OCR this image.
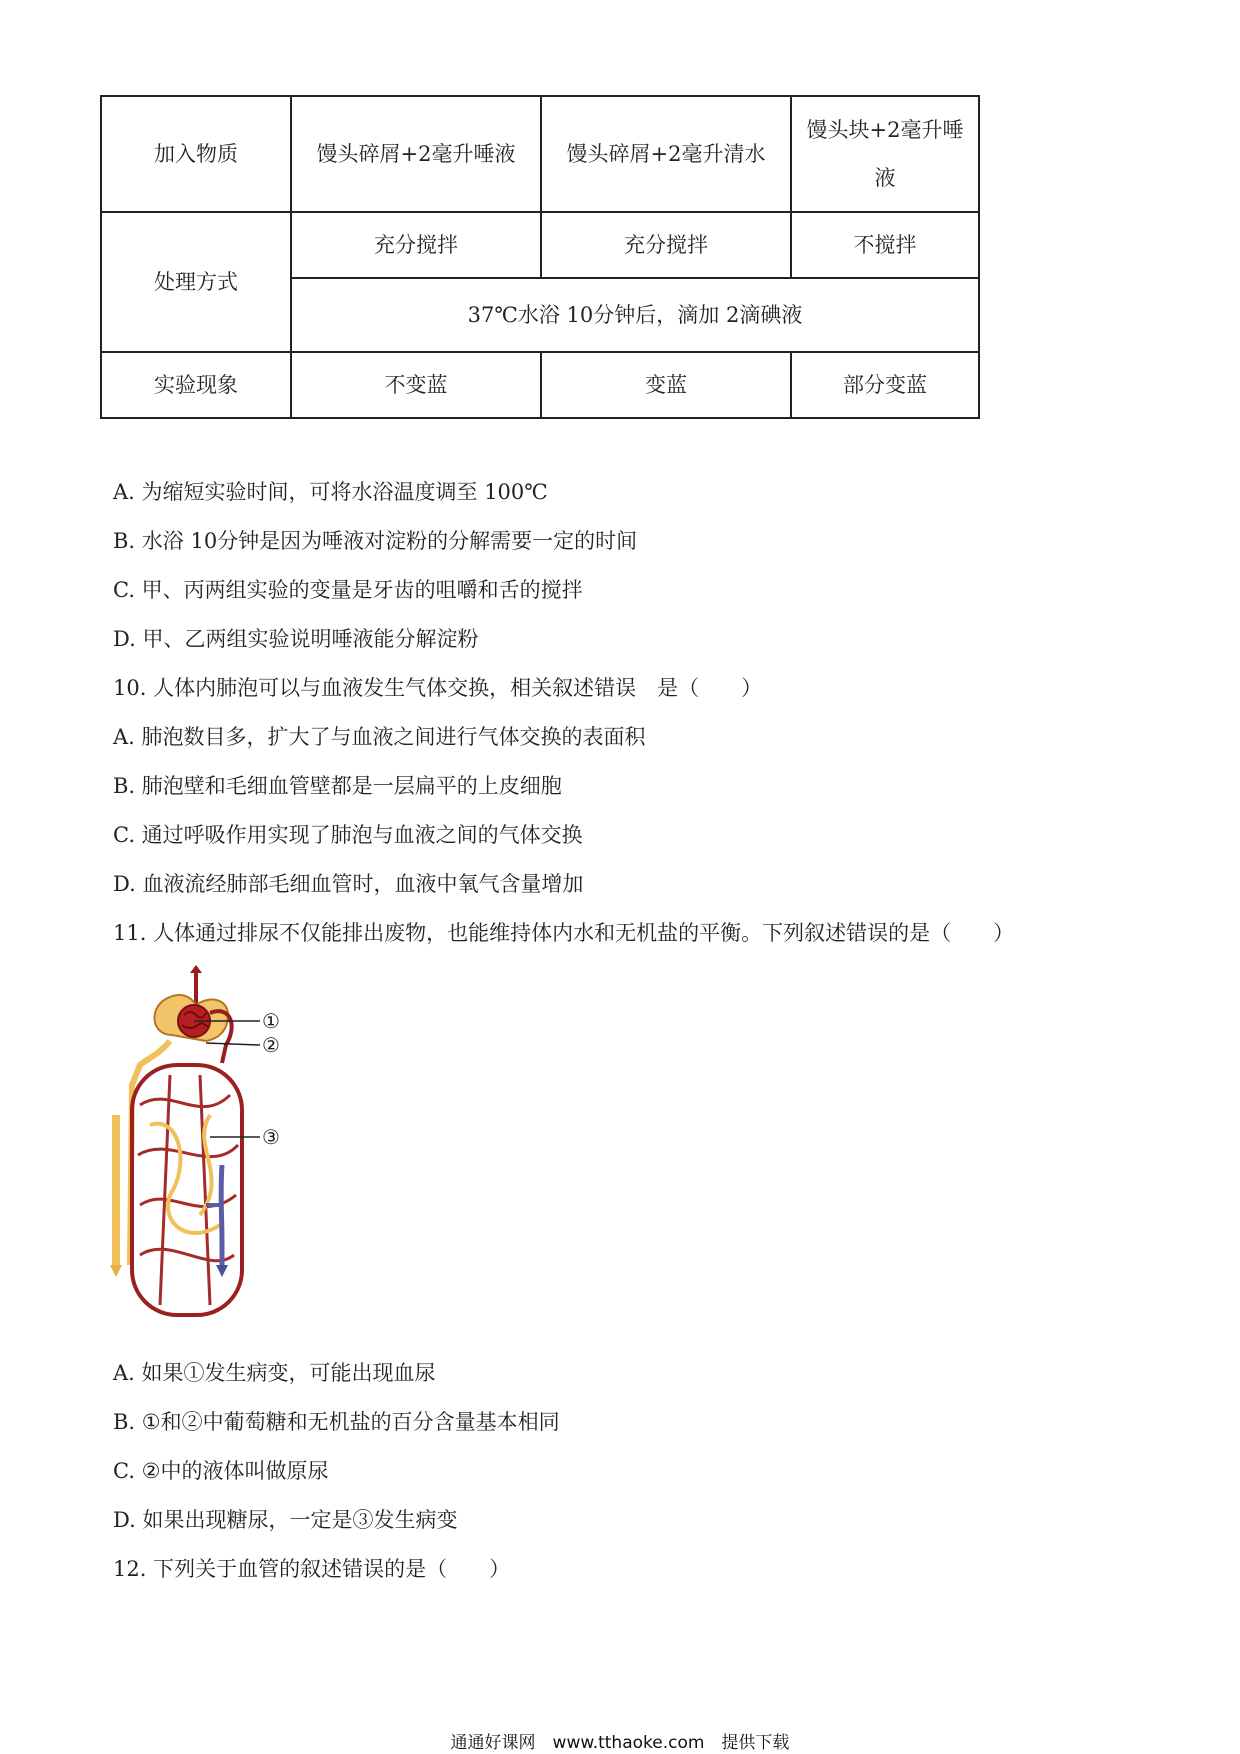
加入物质	馒头碎屑+2毫升唾液	馒头碎屑+2毫升清水	馒头块+2毫升唾液
处理方式	充分搅拌	充分搅拌	不搅拌
	37℃水浴 10分钟后，滴加 2滴碘液		
实验现象	不变蓝	变蓝	部分变蓝
A. 为缩短实验时间，可将水浴温度调至 100℃
B. 水浴 10分钟是因为唾液对淀粉的分解需要一定的时间
C. 甲、丙两组实验的变量是牙齿的咀嚼和舌的搅拌
D. 甲、乙两组实验说明唾液能分解淀粉
10. 人体内肺泡可以与血液发生气体交换，相关叙述错误　是（　　）
A. 肺泡数目多，扩大了与血液之间进行气体交换的表面积
B. 肺泡壁和毛细血管壁都是一层扁平的上皮细胞
C. 通过呼吸作用实现了肺泡与血液之间的气体交换
D. 血液流经肺部毛细血管时，血液中氧气含量增加
11. 人体通过排尿不仅能排出废物，也能维持体内水和无机盐的平衡。下列叙述错误的是（　　）
①
②
③
A. 如果①发生病变，可能出现血尿
B. ①和②中葡萄糖和无机盐的百分含量基本相同
C. ②中的液体叫做原尿
D. 如果出现糖尿，一定是③发生病变
12. 下列关于血管的叙述错误的是（　　）
通通好课网　www.tthaoke.com　提供下载
